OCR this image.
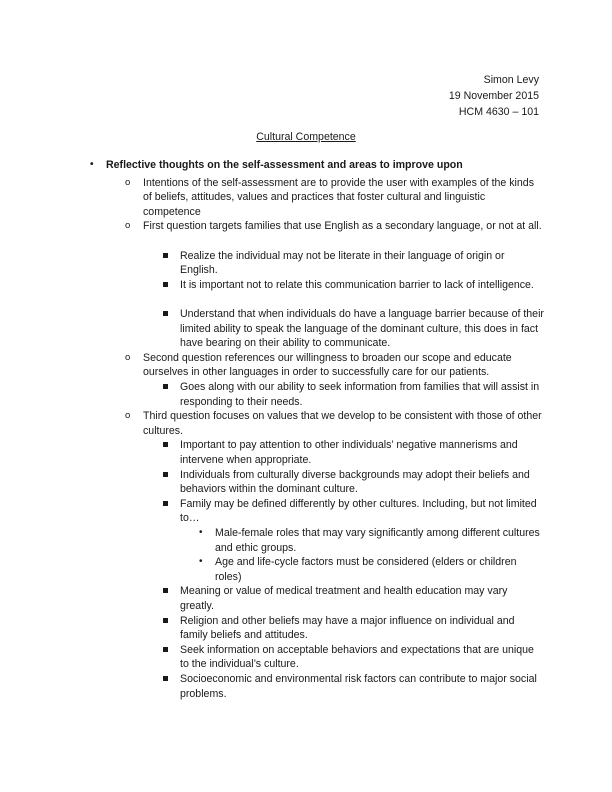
Simon Levy
19 November 2015
HCM 4630 – 101
Cultural Competence
• Reflective thoughts on the self-assessment and areas to improve upon
o Intentions of the self-assessment are to provide the user with examples of the kinds of beliefs, attitudes, values and practices that foster cultural and linguistic competence
o First question targets families that use English as a secondary language, or not at all.
Realize the individual may not be literate in their language of origin or English.
It is important not to relate this communication barrier to lack of intelligence.
Understand that when individuals do have a language barrier because of their limited ability to speak the language of the dominant culture, this does in fact have bearing on their ability to communicate.
o Second question references our willingness to broaden our scope and educate ourselves in other languages in order to successfully care for our patients.
Goes along with our ability to seek information from families that will assist in responding to their needs.
o Third question focuses on values that we develop to be consistent with those of other cultures.
Important to pay attention to other individuals’ negative mannerisms and intervene when appropriate.
Individuals from culturally diverse backgrounds may adopt their beliefs and behaviors within the dominant culture.
Family may be defined differently by other cultures. Including, but not limited to…
• Male-female roles that may vary significantly among different cultures and ethic groups.
• Age and life-cycle factors must be considered (elders or children roles)
Meaning or value of medical treatment and health education may vary greatly.
Religion and other beliefs may have a major influence on individual and family beliefs and attitudes.
Seek information on acceptable behaviors and expectations that are unique to the individual’s culture.
Socioeconomic and environmental risk factors can contribute to major social problems.
